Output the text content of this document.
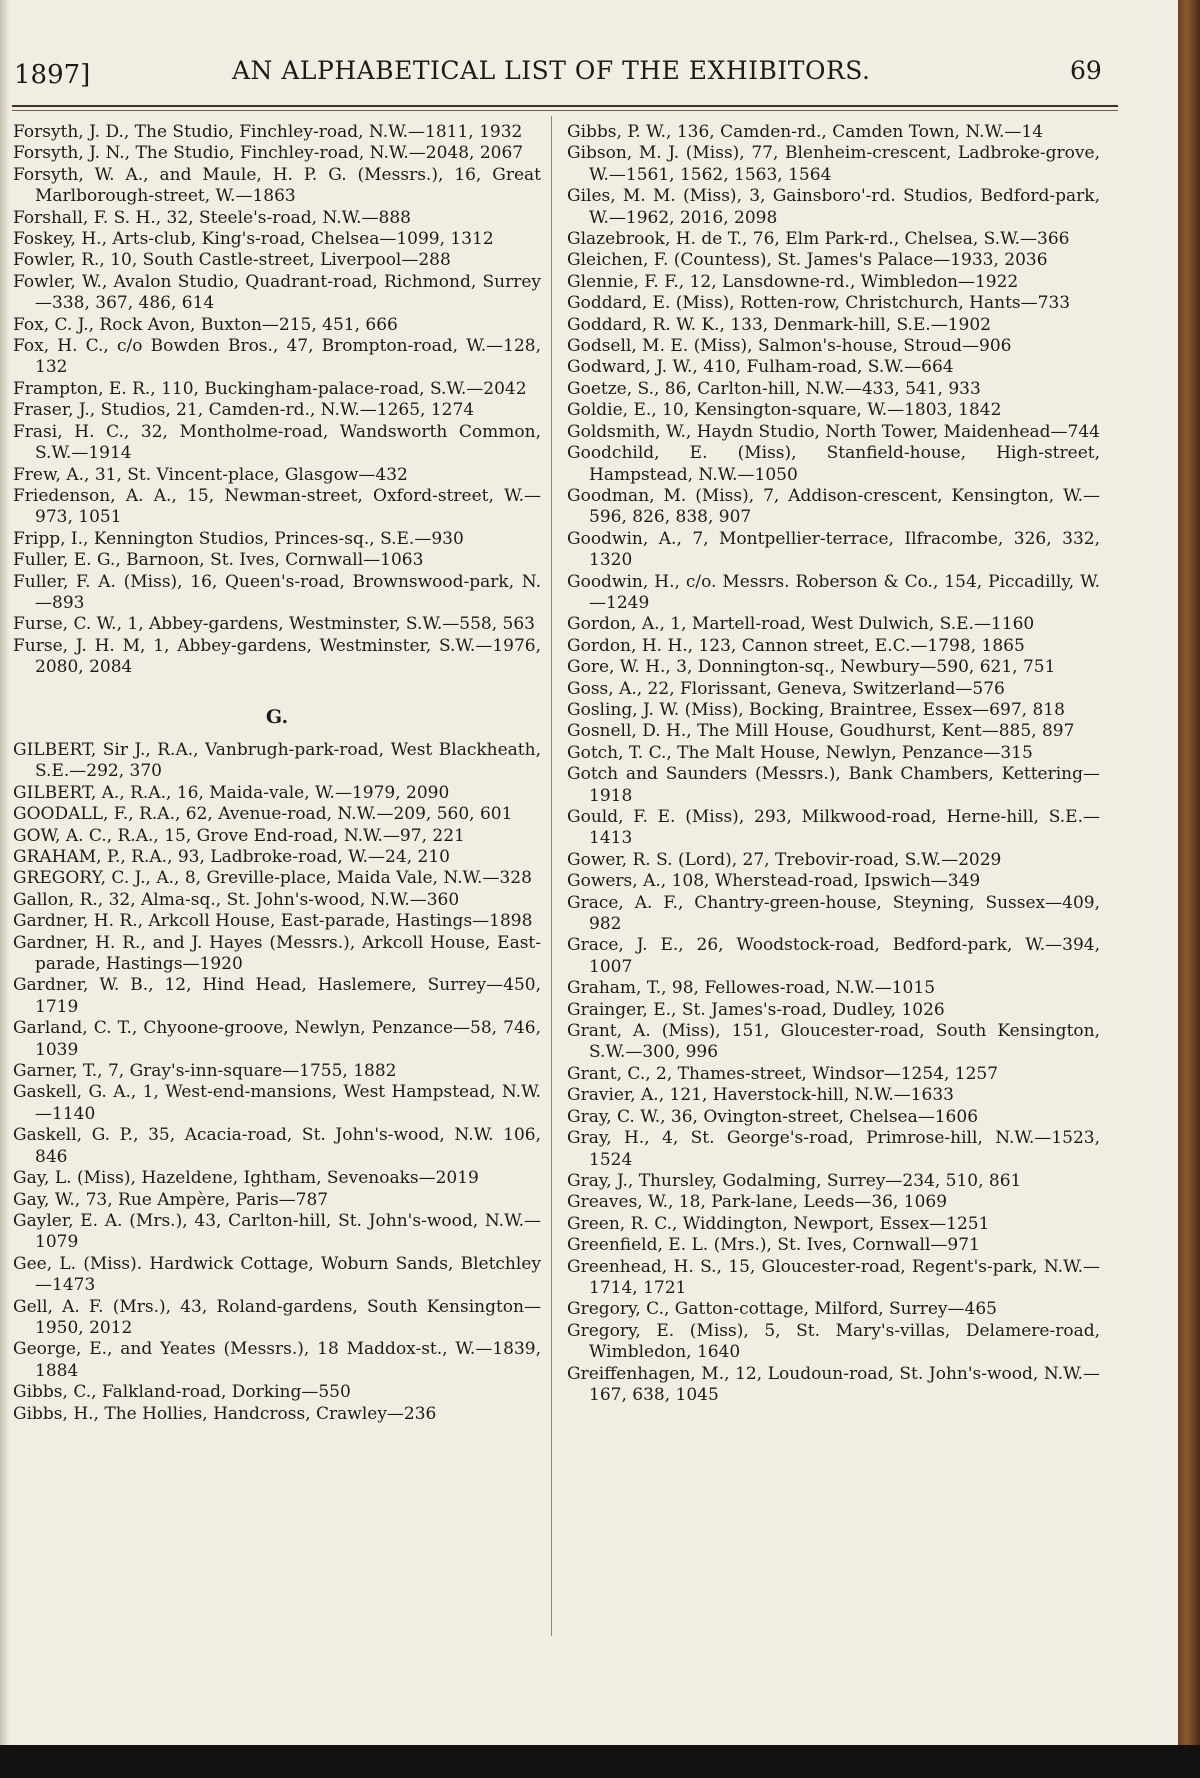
1897]	AN ALPHABETICAL LIST OF THE EXHIBITORS.	69
Forsyth, J. D., The Studio, Finchley-road, N.W.—1811, 1932
Forsyth, J. N., The Studio, Finchley-road, N.W.—2048, 2067
Forsyth, W. A., and Maule, H. P. G. (Messrs.), 16, Great Marlborough-street, W.—1863
Forshall, F. S. H., 32, Steele's-road, N.W.—888
Foskey, H., Arts-club, King's-road, Chelsea—1099, 1312
Fowler, R., 10, South Castle-street, Liverpool—288
Fowler, W., Avalon Studio, Quadrant-road, Richmond, Surrey—338, 367, 486, 614
Fox, C. J., Rock Avon, Buxton—215, 451, 666
Fox, H. C., c/o Bowden Bros., 47, Brompton-road, W.—128, 132
Frampton, E. R., 110, Buckingham-palace-road, S.W.—2042
Fraser, J., Studios, 21, Camden-rd., N.W.—1265, 1274
Frasi, H. C., 32, Montholme-road, Wandsworth Common, S.W.—1914
Frew, A., 31, St. Vincent-place, Glasgow—432
Friedenson, A. A., 15, Newman-street, Oxford-street, W.—973, 1051
Fripp, I., Kennington Studios, Princes-sq., S.E.—930
Fuller, E. G., Barnoon, St. Ives, Cornwall—1063
Fuller, F. A. (Miss), 16, Queen's-road, Brownswood-park, N.—893
Furse, C. W., 1, Abbey-gardens, Westminster, S.W.—558, 563
Furse, J. H. M, 1, Abbey-gardens, Westminster, S.W.—1976, 2080, 2084
G.
GILBERT, Sir J., R.A., Vanbrugh-park-road, West Blackheath, S.E.—292, 370
GILBERT, A., R.A., 16, Maida-vale, W.—1979, 2090
GOODALL, F., R.A., 62, Avenue-road, N.W.—209, 560, 601
GOW, A. C., R.A., 15, Grove End-road, N.W.—97, 221
GRAHAM, P., R.A., 93, Ladbroke-road, W.—24, 210
GREGORY, C. J., A., 8, Greville-place, Maida Vale, N.W.—328
Gallon, R., 32, Alma-sq., St. John's-wood, N.W.—360
Gardner, H. R., Arkcoll House, East-parade, Hastings—1898
Gardner, H. R., and J. Hayes (Messrs.), Arkcoll House, East-parade, Hastings—1920
Gardner, W. B., 12, Hind Head, Haslemere, Surrey—450, 1719
Garland, C. T., Chyoone-groove, Newlyn, Penzance—58, 746, 1039
Garner, T., 7, Gray's-inn-square—1755, 1882
Gaskell, G. A., 1, West-end-mansions, West Hampstead, N.W.—1140
Gaskell, G. P., 35, Acacia-road, St. John's-wood, N.W. 106, 846
Gay, L. (Miss), Hazeldene, Ightham, Sevenoaks—2019
Gay, W., 73, Rue Ampère, Paris—787
Gayler, E. A. (Mrs.), 43, Carlton-hill, St. John's-wood, N.W.—1079
Gee, L. (Miss). Hardwick Cottage, Woburn Sands, Bletchley—1473
Gell, A. F. (Mrs.), 43, Roland-gardens, South Kensington—1950, 2012
George, E., and Yeates (Messrs.), 18 Maddox-st., W.—1839, 1884
Gibbs, C., Falkland-road, Dorking—550
Gibbs, H., The Hollies, Handcross, Crawley—236
Gibbs, P. W., 136, Camden-rd., Camden Town, N.W.—14
Gibson, M. J. (Miss), 77, Blenheim-crescent, Ladbroke-grove, W.—1561, 1562, 1563, 1564
Giles, M. M. (Miss), 3, Gainsboro'-rd. Studios, Bedford-park, W.—1962, 2016, 2098
Glazebrook, H. de T., 76, Elm Park-rd., Chelsea, S.W.—366
Gleichen, F. (Countess), St. James's Palace—1933, 2036
Glennie, F. F., 12, Lansdowne-rd., Wimbledon—1922
Goddard, E. (Miss), Rotten-row, Christchurch, Hants—733
Goddard, R. W. K., 133, Denmark-hill, S.E.—1902
Godsell, M. E. (Miss), Salmon's-house, Stroud—906
Godward, J. W., 410, Fulham-road, S.W.—664
Goetze, S., 86, Carlton-hill, N.W.—433, 541, 933
Goldie, E., 10, Kensington-square, W.—1803, 1842
Goldsmith, W., Haydn Studio, North Tower, Maidenhead—744
Goodchild, E. (Miss), Stanfield-house, High-street, Hampstead, N.W.—1050
Goodman, M. (Miss), 7, Addison-crescent, Kensington, W.—596, 826, 838, 907
Goodwin, A., 7, Montpellier-terrace, Ilfracombe, 326, 332, 1320
Goodwin, H., c/o. Messrs. Roberson & Co., 154, Piccadilly, W.—1249
Gordon, A., 1, Martell-road, West Dulwich, S.E.—1160
Gordon, H. H., 123, Cannon street, E.C.—1798, 1865
Gore, W. H., 3, Donnington-sq., Newbury—590, 621, 751
Goss, A., 22, Florissant, Geneva, Switzerland—576
Gosling, J. W. (Miss), Bocking, Braintree, Essex—697, 818
Gosnell, D. H., The Mill House, Goudhurst, Kent—885, 897
Gotch, T. C., The Malt House, Newlyn, Penzance—315
Gotch and Saunders (Messrs.), Bank Chambers, Kettering—1918
Gould, F. E. (Miss), 293, Milkwood-road, Herne-hill, S.E.—1413
Gower, R. S. (Lord), 27, Trebovir-road, S.W.—2029
Gowers, A., 108, Wherstead-road, Ipswich—349
Grace, A. F., Chantry-green-house, Steyning, Sussex—409, 982
Grace, J. E., 26, Woodstock-road, Bedford-park, W.—394, 1007
Graham, T., 98, Fellowes-road, N.W.—1015
Grainger, E., St. James's-road, Dudley, 1026
Grant, A. (Miss), 151, Gloucester-road, South Kensington, S.W.—300, 996
Grant, C., 2, Thames-street, Windsor—1254, 1257
Gravier, A., 121, Haverstock-hill, N.W.—1633
Gray, C. W., 36, Ovington-street, Chelsea—1606
Gray, H., 4, St. George's-road, Primrose-hill, N.W.—1523, 1524
Gray, J., Thursley, Godalming, Surrey—234, 510, 861
Greaves, W., 18, Park-lane, Leeds—36, 1069
Green, R. C., Widdington, Newport, Essex—1251
Greenfield, E. L. (Mrs.), St. Ives, Cornwall—971
Greenhead, H. S., 15, Gloucester-road, Regent's-park, N.W.—1714, 1721
Gregory, C., Gatton-cottage, Milford, Surrey—465
Gregory, E. (Miss), 5, St. Mary's-villas, Delamere-road, Wimbledon, 1640
Greiffenhagen, M., 12, Loudoun-road, St. John's-wood, N.W.—167, 638, 1045
